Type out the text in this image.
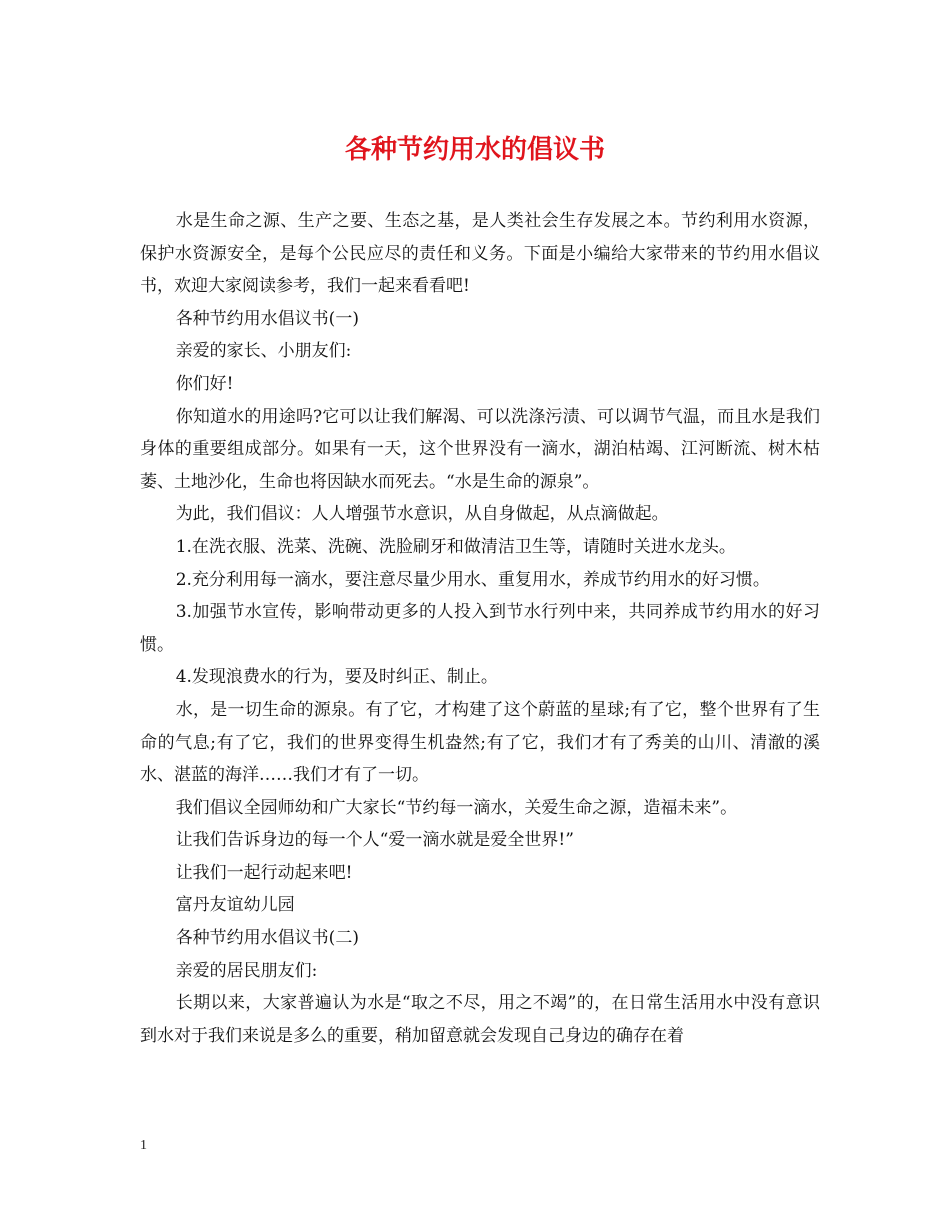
各种节约用水的倡议书

水是生命之源、生产之要、生态之基，是人类社会生存发展之本。节约利用水资源，保护水资源安全，是每个公民应尽的责任和义务。下面是小编给大家带来的节约用水倡议书，欢迎大家阅读参考，我们一起来看看吧!

各种节约用水倡议书(一)

亲爱的家长、小朋友们:

你们好!

你知道水的用途吗?它可以让我们解渴、可以洗涤污渍、可以调节气温，而且水是我们身体的重要组成部分。如果有一天，这个世界没有一滴水，湖泊枯竭、江河断流、树木枯萎、土地沙化，生命也将因缺水而死去。“水是生命的源泉”。

为此，我们倡议：人人增强节水意识，从自身做起，从点滴做起。

1.在洗衣服、洗菜、洗碗、洗脸刷牙和做清洁卫生等，请随时关进水龙头。

2.充分利用每一滴水，要注意尽量少用水、重复用水，养成节约用水的好习惯。

3.加强节水宣传，影响带动更多的人投入到节水行列中来，共同养成节约用水的好习惯。

4.发现浪费水的行为，要及时纠正、制止。

水，是一切生命的源泉。有了它，才构建了这个蔚蓝的星球;有了它，整个世界有了生命的气息;有了它，我们的世界变得生机盎然;有了它，我们才有了秀美的山川、清澈的溪水、湛蓝的海洋……我们才有了一切。

我们倡议全园师幼和广大家长“节约每一滴水，关爱生命之源，造福未来”。

让我们告诉身边的每一个人“爱一滴水就是爱全世界!”

让我们一起行动起来吧!

富丹友谊幼儿园

各种节约用水倡议书(二)

亲爱的居民朋友们:

长期以来，大家普遍认为水是“取之不尽，用之不竭”的，在日常生活用水中没有意识到水对于我们来说是多么的重要，稍加留意就会发现自己身边的确存在着

1
